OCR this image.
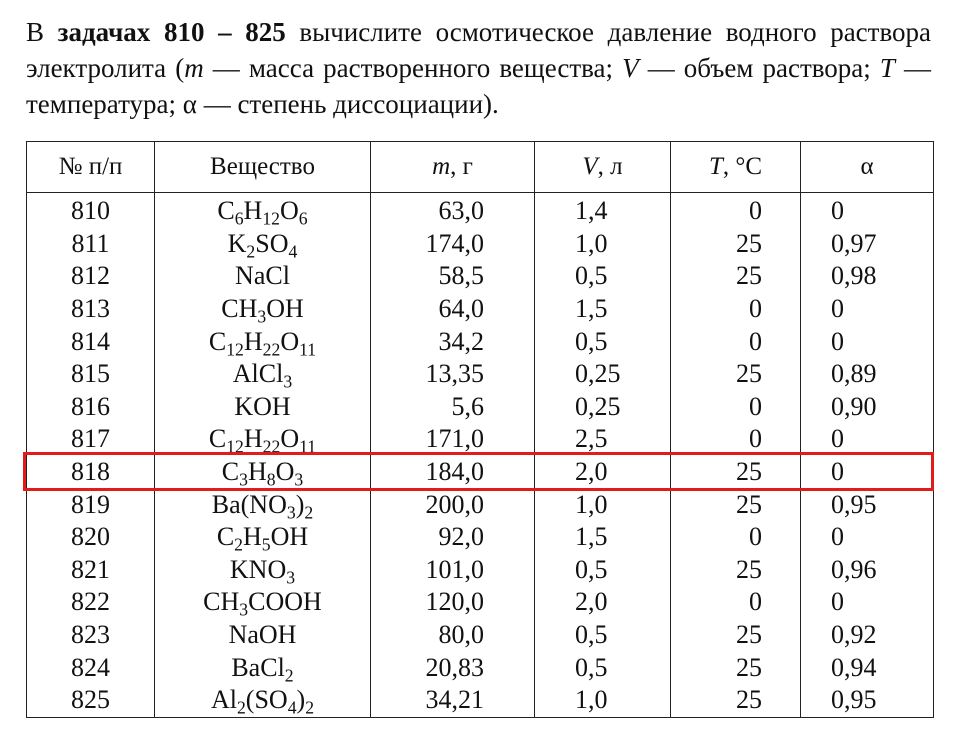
В задачах 810 – 825 вычислите осмотическое давление водного раствора электролита (m — масса растворенного вещества; V — объем раствора; T — температура; α — степень диссоциации).

№ п/п	Вещество	m, г	V, л	T, °С	α
810	$C_6H_{12}O_6$	63,0	1,4	0	0
811	$K_2SO_4$	174,0	1,0	25	0,97
812	NaCl	58,5	0,5	25	0,98
813	$CH_3OH$	64,0	1,5	0	0
814	$C_{12}H_{22}O_{11}$	34,2	0,5	0	0
815	AlCl$_3$	13,35	0,25	25	0,89
816	KOH	5,6	0,25	0	0,90
817	$C_{12}H_{22}O_{11}$	171,0	2,5	0	0
818	$C_3H_8O_3$	184,0	2,0	25	0
819	$Ba(NO_3)_2$	200,0	1,0	25	0,95
820	$C_2H_5OH$	92,0	1,5	0	0
821	$KNO_3$	101,0	0,5	25	0,96
822	$CH_3COOH$	120,0	2,0	0	0
823	NaOH	80,0	0,5	25	0,92
824	BaCl$_2$	20,83	0,5	25	0,94
825	$Al_2(SO_4)_2$	34,21	1,0	25	0,95
